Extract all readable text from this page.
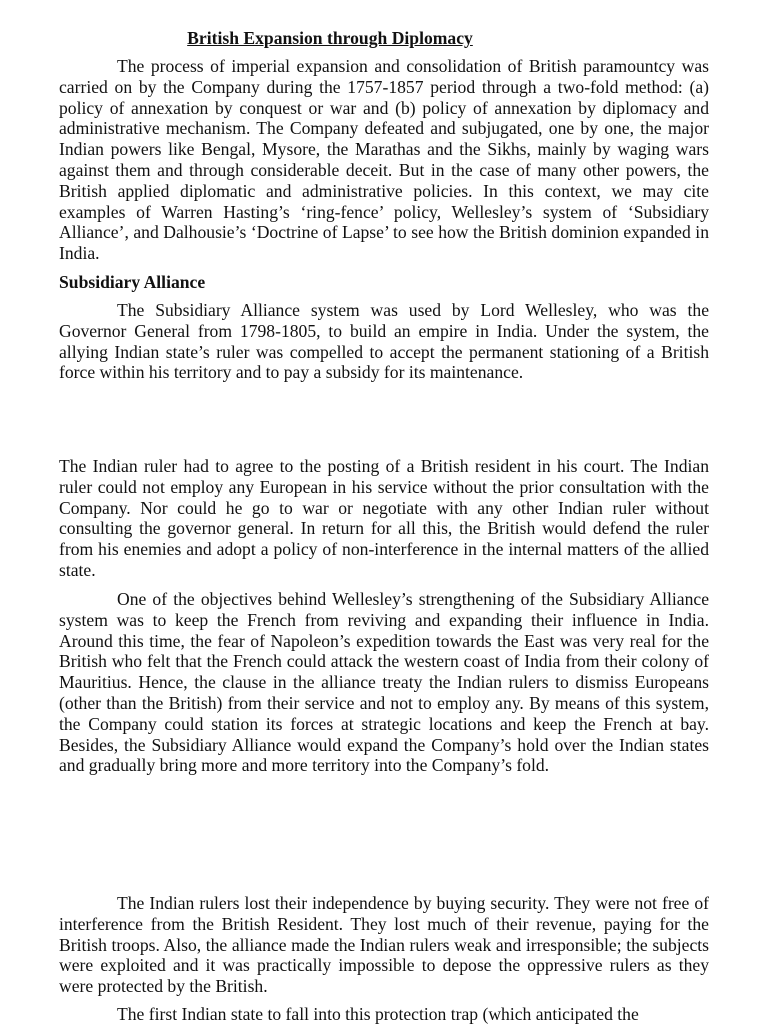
British Expansion through Diplomacy

The process of imperial expansion and consolidation of British paramountcy was carried on by the Company during the 1757-1857 period through a two-fold method: (a) policy of annexation by conquest or war and (b) policy of annexation by diplomacy and administrative mechanism. The Company defeated and subjugated, one by one, the major Indian powers like Bengal, Mysore, the Marathas and the Sikhs, mainly by waging wars against them and through considerable deceit. But in the case of many other powers, the British applied diplomatic and administrative policies. In this context, we may cite examples of Warren Hasting’s ‘ring-fence’ policy, Wellesley’s system of ‘Subsidiary Alliance’, and Dalhousie’s ‘Doctrine of Lapse’ to see how the British dominion expanded in India.

Subsidiary Alliance

The Subsidiary Alliance system was used by Lord Wellesley, who was the Governor General from 1798-1805, to build an empire in India. Under the system, the allying Indian state’s ruler was compelled to accept the permanent stationing of a British force within his territory and to pay a subsidy for its maintenance.

The Indian ruler had to agree to the posting of a British resident in his court. The Indian ruler could not employ any European in his service without the prior consultation with the Company. Nor could he go to war or negotiate with any other Indian ruler without consulting the governor general. In return for all this, the British would defend the ruler from his enemies and adopt a policy of non-interference in the internal matters of the allied state.

One of the objectives behind Wellesley’s strengthening of the Subsidiary Alliance system was to keep the French from reviving and expanding their influence in India. Around this time, the fear of Napoleon’s expedition towards the East was very real for the British who felt that the French could attack the western coast of India from their colony of Mauritius. Hence, the clause in the alliance treaty the Indian rulers to dismiss Europeans (other than the British) from their service and not to employ any. By means of this system, the Company could station its forces at strategic locations and keep the French at bay. Besides, the Subsidiary Alliance would expand the Company’s hold over the Indian states and gradually bring more and more territory into the Company’s fold.

The Indian rulers lost their independence by buying security. They were not free of interference from the British Resident. They lost much of their revenue, paying for the British troops. Also, the alliance made the Indian rulers weak and irresponsible; the subjects were exploited and it was practically impossible to depose the oppressive rulers as they were protected by the British.

The first Indian state to fall into this protection trap (which anticipated the
